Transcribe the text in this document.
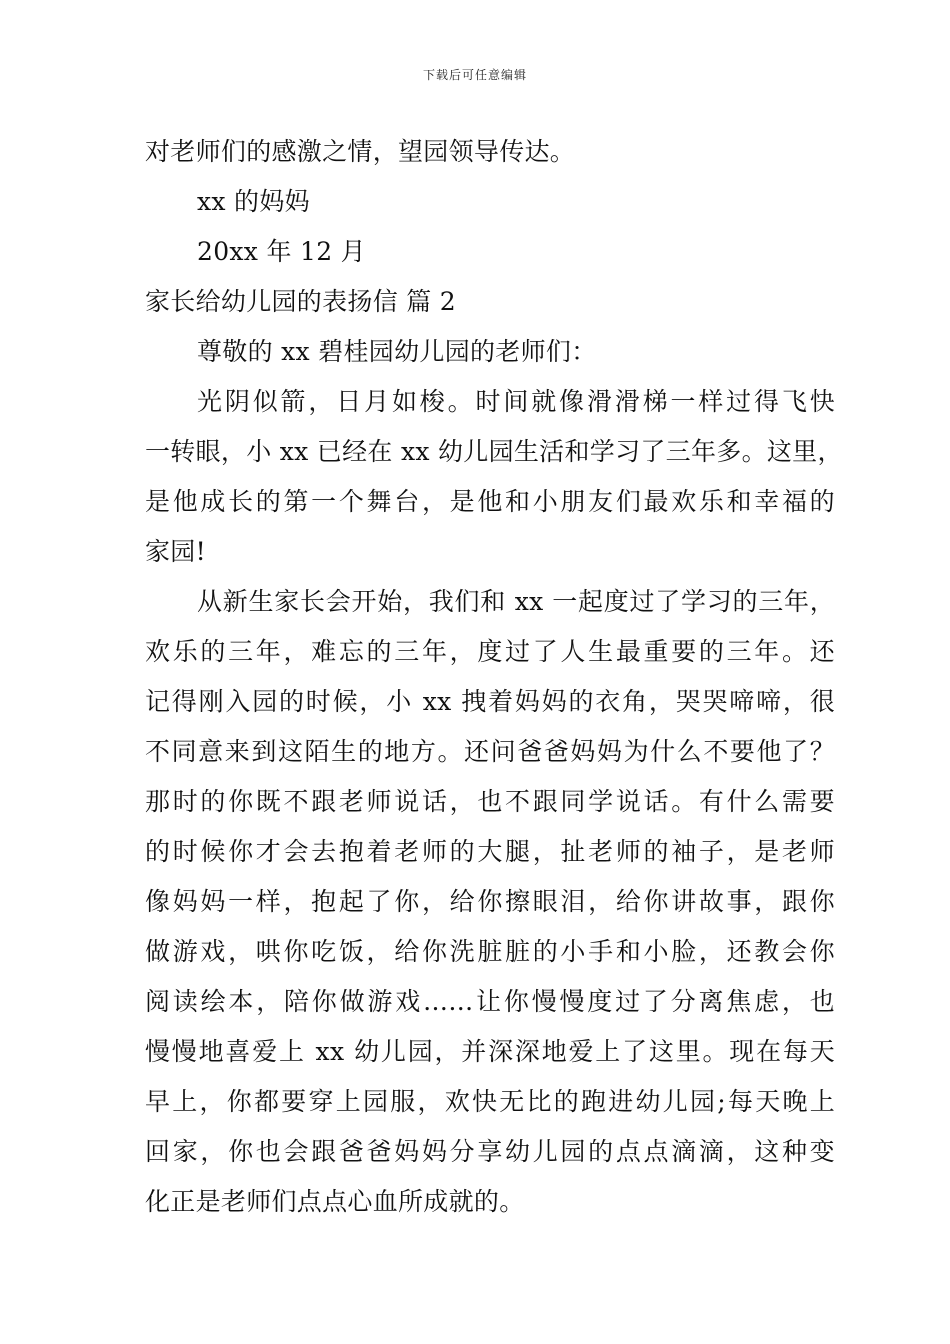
下载后可任意编辑
对老师们的感激之情，望园领导传达。
xx 的妈妈
20xx 年 12 月
家长给幼儿园的表扬信 篇 2
尊敬的 xx 碧桂园幼儿园的老师们：
光阴似箭，日月如梭。时间就像滑滑梯一样过得飞快
一转眼，小 xx 已经在 xx 幼儿园生活和学习了三年多。这里，
是他成长的第一个舞台，是他和小朋友们最欢乐和幸福的
家园!
从新生家长会开始，我们和 xx 一起度过了学习的三年，
欢乐的三年，难忘的三年，度过了人生最重要的三年。还
记得刚入园的时候，小 xx 拽着妈妈的衣角，哭哭啼啼，很
不同意来到这陌生的地方。还问爸爸妈妈为什么不要他了？
那时的你既不跟老师说话，也不跟同学说话。有什么需要
的时候你才会去抱着老师的大腿，扯老师的袖子，是老师
像妈妈一样，抱起了你，给你擦眼泪，给你讲故事，跟你
做游戏，哄你吃饭，给你洗脏脏的小手和小脸，还教会你
阅读绘本，陪你做游戏……让你慢慢度过了分离焦虑，也
慢慢地喜爱上 xx 幼儿园，并深深地爱上了这里。现在每天
早上，你都要穿上园服，欢快无比的跑进幼儿园;每天晚上
回家，你也会跟爸爸妈妈分享幼儿园的点点滴滴，这种变
化正是老师们点点心血所成就的。
